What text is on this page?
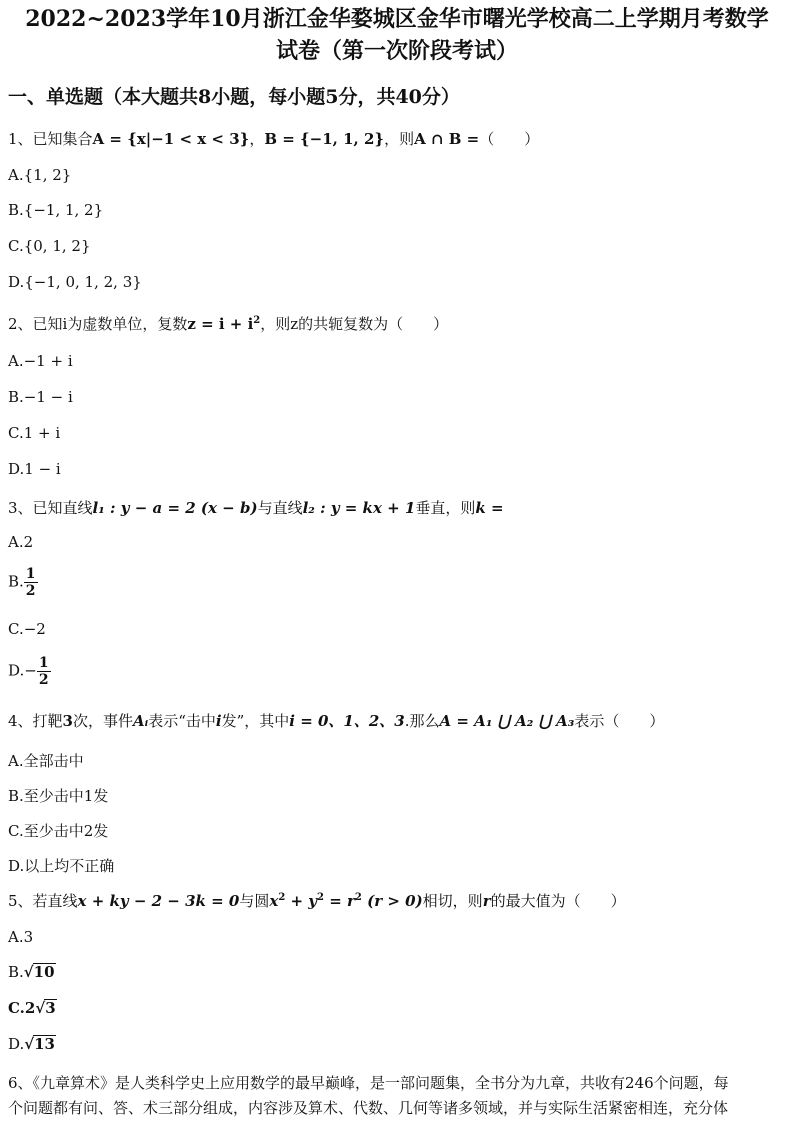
2022~2023学年10月浙江金华婺城区金华市曙光学校高二上学期月考数学
试卷（第一次阶段考试）
一、单选题（本大题共8小题，每小题5分，共40分）
1、已知集合A = {x|−1 < x < 3}，B = {−1, 1, 2}，则A ∩ B =（　　）
A.{1, 2}
B.{−1, 1, 2}
C.{0, 1, 2}
D.{−1, 0, 1, 2, 3}
2、已知i为虚数单位，复数$z = i + i^2$，则z的共轭复数为（　　）
A.−1 + i
B.−1 − i
C.1 + i
D.1 − i
3、已知直线l₁ : y − a = 2 (x − b)与直线l₂ : y = kx + 1垂直，则k =
A.2
B. $\frac{1}{2}$
C.−2
$D.- \frac{1}{2}$
4、打靶3次，事件Aᵢ表示“击中i发”，其中i = 0、1、2、3.那么A = A₁ ⋃ A₂ ⋃ A₃表示（　　）
A.全部击中
B.至少击中1发
C.至少击中2发
D.以上均不正确
5、若直线x + ky − 2 − 3k = 0与圆$x^2 + y^2 = r^2$ (r > 0)相切，则r的最大值为（　　）
A.3
B.√10
C.2√3
D.√13
6、《九章算术》是人类科学史上应用数学的最早巅峰，是一部问题集，全书分为九章，共收有246个问题，每
个问题都有问、答、术三部分组成，内容涉及算术、代数、几何等诸多领域，并与实际生活紧密相连，充分体
